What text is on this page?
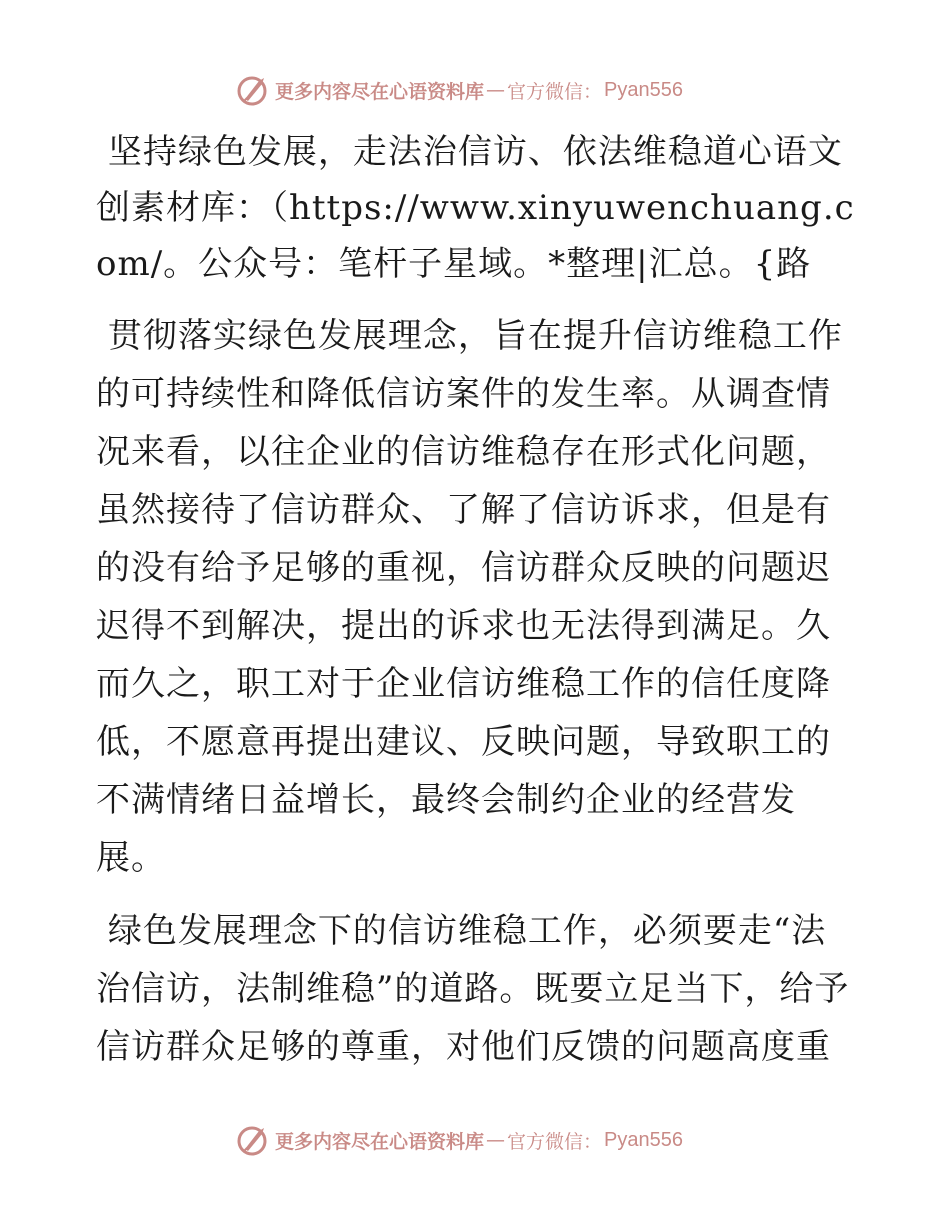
更多内容尽在心语资料库 — 官方微信： Pyan556

坚持绿色发展，走法治信访、依法维稳道心语文创素材库：（https://www.xinyuwenchuang.com/。公众号：笔杆子星域。*整理|汇总。{路

贯彻落实绿色发展理念，旨在提升信访维稳工作的可持续性和降低信访案件的发生率。从调查情况来看，以往企业的信访维稳存在形式化问题，虽然接待了信访群众、了解了信访诉求，但是有的没有给予足够的重视，信访群众反映的问题迟迟得不到解决，提出的诉求也无法得到满足。久而久之，职工对于企业信访维稳工作的信任度降低，不愿意再提出建议、反映问题，导致职工的不满情绪日益增长，最终会制约企业的经营发展。

绿色发展理念下的信访维稳工作，必须要走“法治信访，法制维稳”的道路。既要立足当下，给予信访群众足够的尊重，对他们反馈的问题高度重

更多内容尽在心语资料库 — 官方微信： Pyan556
